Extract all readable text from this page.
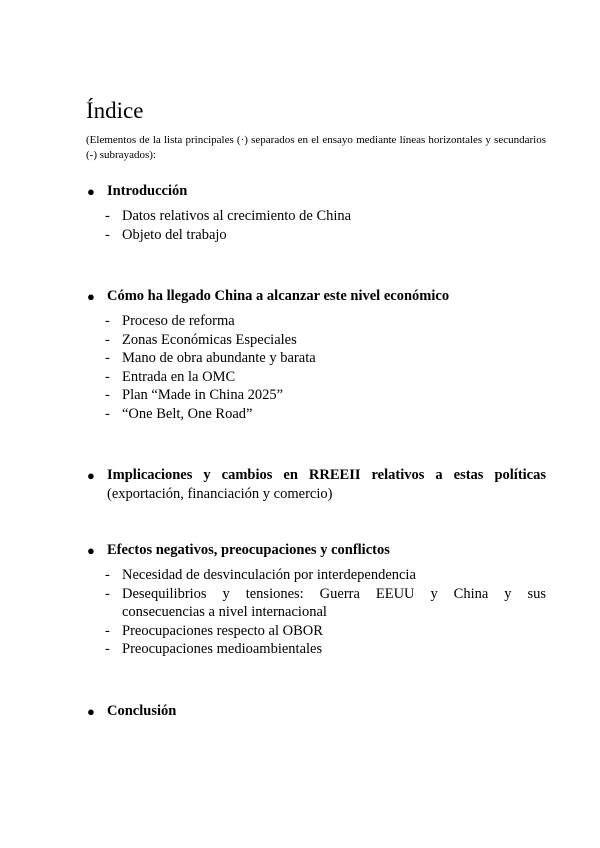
Índice
(Elementos de la lista principales (·) separados en el ensayo mediante líneas horizontales y secundarios (-) subrayados):
● Introducción
- Datos relativos al crecimiento de China
- Objeto del trabajo
● Cómo ha llegado China a alcanzar este nivel económico
- Proceso de reforma
- Zonas Económicas Especiales
- Mano de obra abundante y barata
- Entrada en la OMC
- Plan “Made in China 2025”
- “One Belt, One Road”
● Implicaciones y cambios en RREEII relativos a estas políticas
(exportación, financiación y comercio)
● Efectos negativos, preocupaciones y conflictos
- Necesidad de desvinculación por interdependencia
- Desequilibrios y tensiones: Guerra EEUU y China y sus
consecuencias a nivel internacional
- Preocupaciones respecto al OBOR
- Preocupaciones medioambientales
● Conclusión
